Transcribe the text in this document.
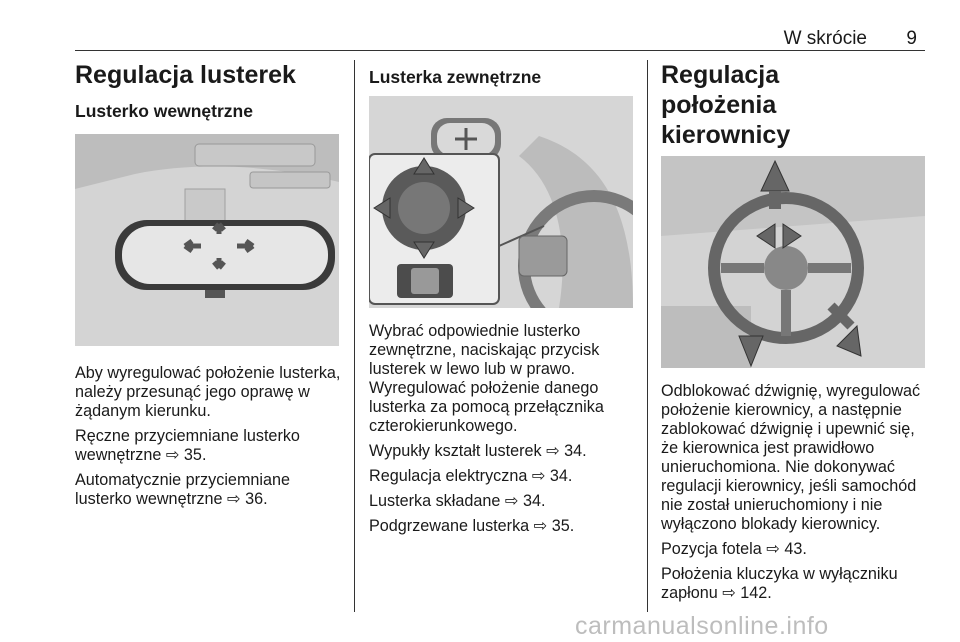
W skrócie 9
Regulacja lusterek
Lusterko wewnętrzne

Aby wyregulować położenie lusterka, należy przesunąć jego oprawę w żądanym kierunku.

Ręczne przyciemniane lusterko wewnętrzne ⇨ 35.

Automatycznie przyciemniane lusterko wewnętrzne ⇨ 36.

Lusterka zewnętrzne

Wybrać odpowiednie lusterko zewnętrzne, naciskając przycisk lusterek w lewo lub w prawo. Wyregulować położenie danego lusterka za pomocą przełącznika czterokierunkowego.

Wypukły kształt lusterek ⇨ 34.

Regulacja elektryczna ⇨ 34.

Lusterka składane ⇨ 34.

Podgrzewane lusterka ⇨ 35.

Regulacja położenia kierownicy

Odblokować dźwignię, wyregulować położenie kierownicy, a następnie zablokować dźwignię i upewnić się, że kierownica jest prawidłowo unieruchomiona. Nie dokonywać regulacji kierownicy, jeśli samochód nie został unieruchomiony i nie wyłączono blokady kierownicy.

Pozycja fotela ⇨ 43.

Położenia kluczyka w wyłączniku zapłonu ⇨ 142.

carmanualsonline.info
